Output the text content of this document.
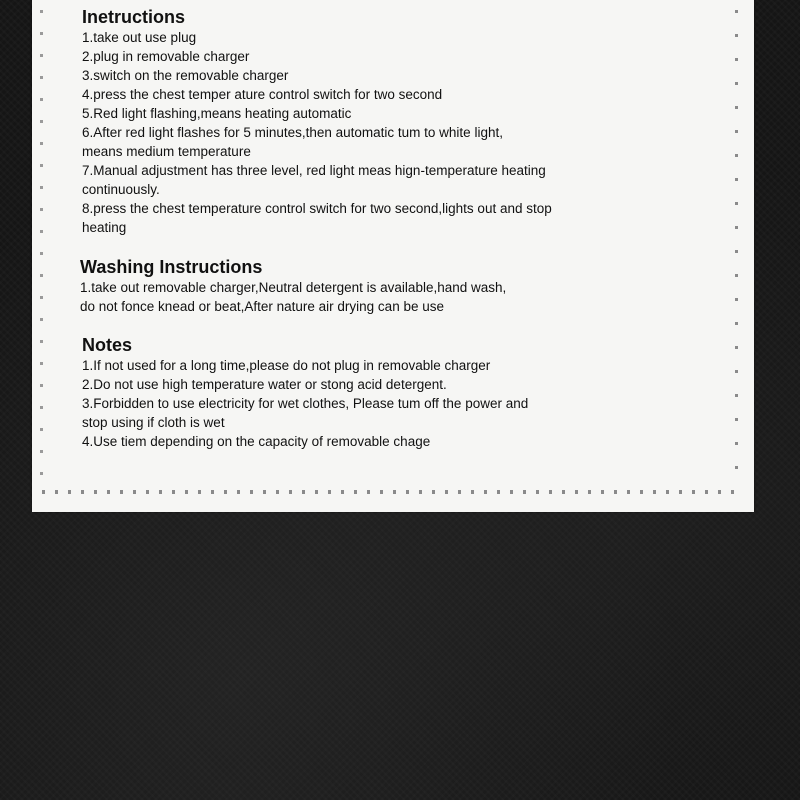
Inetructions

1.take out use plug

2.plug in removable charger

3.switch on the removable charger

4.press the chest temper ature control switch for two second

5.Red light flashing,means heating automatic

6.After red light flashes for 5 minutes,then automatic tum to white light,

means medium temperature

7.Manual adjustment has three level, red light meas hign-temperature heating

continuously.

8.press the chest temperature control switch for two second,lights out and stop

heating

Washing Instructions

1.take out removable charger,Neutral detergent is available,hand wash,

do not fonce knead or beat,After nature air drying can be use

Notes

1.If not used for a long time,please do not plug in removable charger

2.Do not use high temperature water or stong acid detergent.

3.Forbidden to use electricity for wet clothes, Please tum off the power and

stop using if cloth is wet

4.Use tiem depending on the capacity of removable chage
